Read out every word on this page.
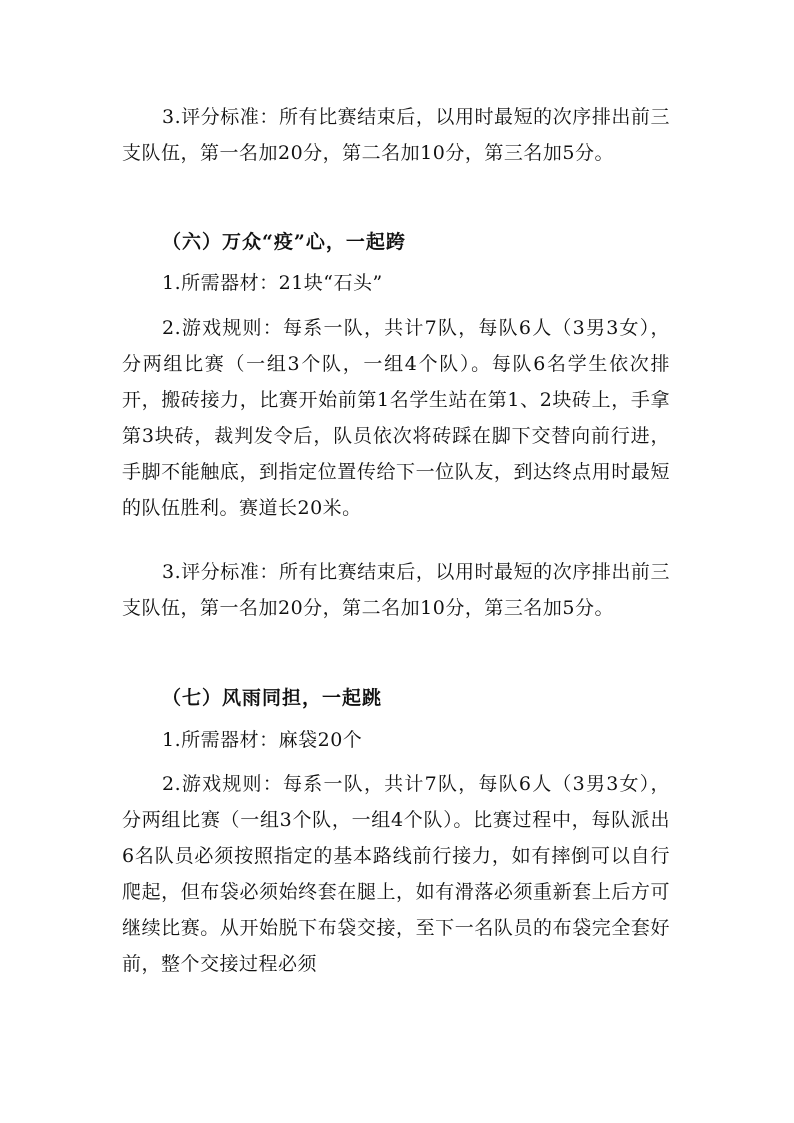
3.评分标准：所有比赛结束后，以用时最短的次序排出前三支队伍，第一名加20分，第二名加10分，第三名加5分。

（六）万众“疫”心，一起跨

1.所需器材：21块“石头”

2.游戏规则：每系一队，共计7队，每队6人（3男3女），分两组比赛（一组3个队，一组4个队）。每队6名学生依次排开，搬砖接力，比赛开始前第1名学生站在第1、2块砖上，手拿第3块砖，裁判发令后，队员依次将砖踩在脚下交替向前行进，手脚不能触底，到指定位置传给下一位队友，到达终点用时最短的队伍胜利。赛道长20米。

3.评分标准：所有比赛结束后，以用时最短的次序排出前三支队伍，第一名加20分，第二名加10分，第三名加5分。

（七）风雨同担，一起跳

1.所需器材：麻袋20个

2.游戏规则：每系一队，共计7队，每队6人（3男3女），分两组比赛（一组3个队，一组4个队）。比赛过程中，每队派出6名队员必须按照指定的基本路线前行接力，如有摔倒可以自行爬起，但布袋必须始终套在腿上，如有滑落必须重新套上后方可继续比赛。从开始脱下布袋交接，至下一名队员的布袋完全套好前，整个交接过程必须
